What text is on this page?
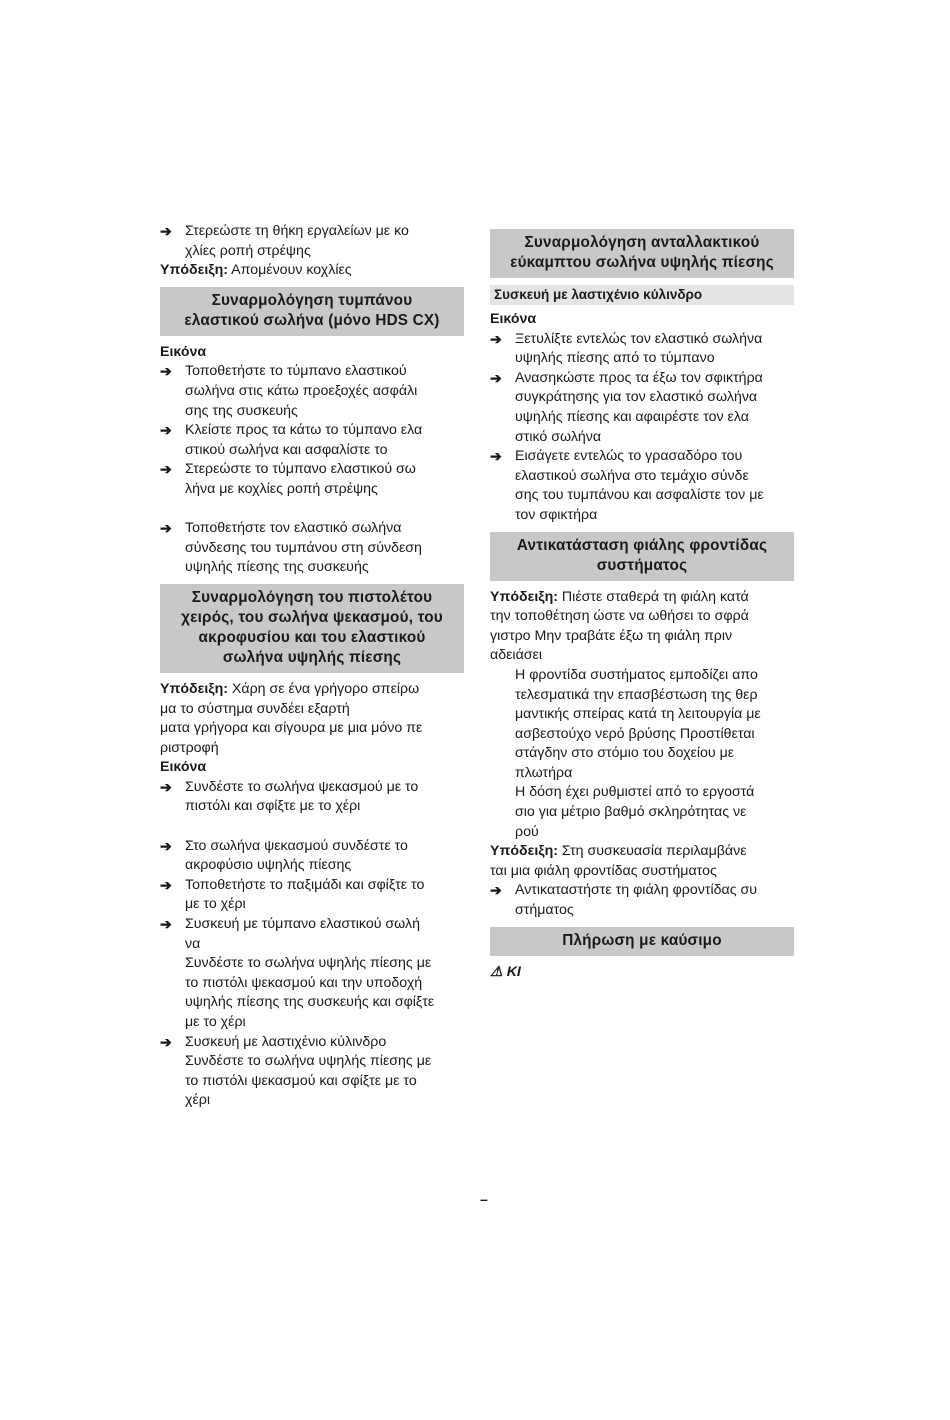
➔ Στερεώστε τη θήκη εργαλείων με κο
χλίες ροπή στρέψης
Υπόδειξη: Απομένουν κοχλίες
Συναρμολόγηση τυμπάνου
ελαστικού σωλήνα (μόνο HDS CX)
Εικόνα
➔ Τοποθετήστε το τύμπανο ελαστικού
σωλήνα στις κάτω προεξοχές ασφάλι
σης της συσκευής
➔ Κλείστε προς τα κάτω το τύμπανο ελα
στικού σωλήνα και ασφαλίστε το
➔ Στερεώστε το τύμπανο ελαστικού σω
λήνα με κοχλίες ροπή στρέψης
➔ Τοποθετήστε τον ελαστικό σωλήνα
σύνδεσης του τυμπάνου στη σύνδεση
υψηλής πίεσης της συσκευής
Συναρμολόγηση του πιστολέτου
χειρός, του σωλήνα ψεκασμού, του
ακροφυσίου και του ελαστικού
σωλήνα υψηλής πίεσης
Υπόδειξη: Χάρη σε ένα γρήγορο σπείρω
μα το σύστημα συνδέει εξαρτή
ματα γρήγορα και σίγουρα με μια μόνο πε
ριστροφή
Εικόνα
➔ Συνδέστε το σωλήνα ψεκασμού με το
πιστόλι και σφίξτε με το χέρι
➔ Στο σωλήνα ψεκασμού συνδέστε το
ακροφύσιο υψηλής πίεσης
➔ Τοποθετήστε το παξιμάδι και σφίξτε το
με το χέρι
➔ Συσκευή με τύμπανο ελαστικού σωλή
να
Συνδέστε το σωλήνα υψηλής πίεσης με
το πιστόλι ψεκασμού και την υποδοχή
υψηλής πίεσης της συσκευής και σφίξτε
με το χέρι
➔ Συσκευή με λαστιχένιο κύλινδρο
Συνδέστε το σωλήνα υψηλής πίεσης με
το πιστόλι ψεκασμού και σφίξτε με το
χέρι
Συναρμολόγηση ανταλλακτικού
εύκαμπτου σωλήνα υψηλής πίεσης
Συσκευή με λαστιχένιο κύλινδρο
Εικόνα
➔ Ξετυλίξτε εντελώς τον ελαστικό σωλήνα
υψηλής πίεσης από το τύμπανο
➔ Ανασηκώστε προς τα έξω τον σφικτήρα
συγκράτησης για τον ελαστικό σωλήνα
υψηλής πίεσης και αφαιρέστε τον ελα
στικό σωλήνα
➔ Εισάγετε εντελώς το γρασαδόρο του
ελαστικού σωλήνα στο τεμάχιο σύνδε
σης του τυμπάνου και ασφαλίστε τον με
τον σφικτήρα
Αντικατάσταση φιάλης φροντίδας
συστήματος
Υπόδειξη: Πιέστε σταθερά τη φιάλη κατά
την τοποθέτηση ώστε να ωθήσει το σφρά
γιστρο Μην τραβάτε έξω τη φιάλη πριν
αδειάσει
Η φροντίδα συστήματος εμποδίζει απο
τελεσματικά την επασβέστωση της θερ
μαντικής σπείρας κατά τη λειτουργία με
ασβεστούχο νερό βρύσης Προστίθεται
στάγδην στο στόμιο του δοχείου με
πλωτήρα
Η δόση έχει ρυθμιστεί από το εργοστά
σιο για μέτριο βαθμό σκληρότητας νε
ρού
Υπόδειξη: Στη συσκευασία περιλαμβάνε
ται μια φιάλη φροντίδας συστήματος
➔ Αντικαταστήστε τη φιάλη φροντίδας συ
στήματος
Πλήρωση με καύσιμο
⚠ KI
–
